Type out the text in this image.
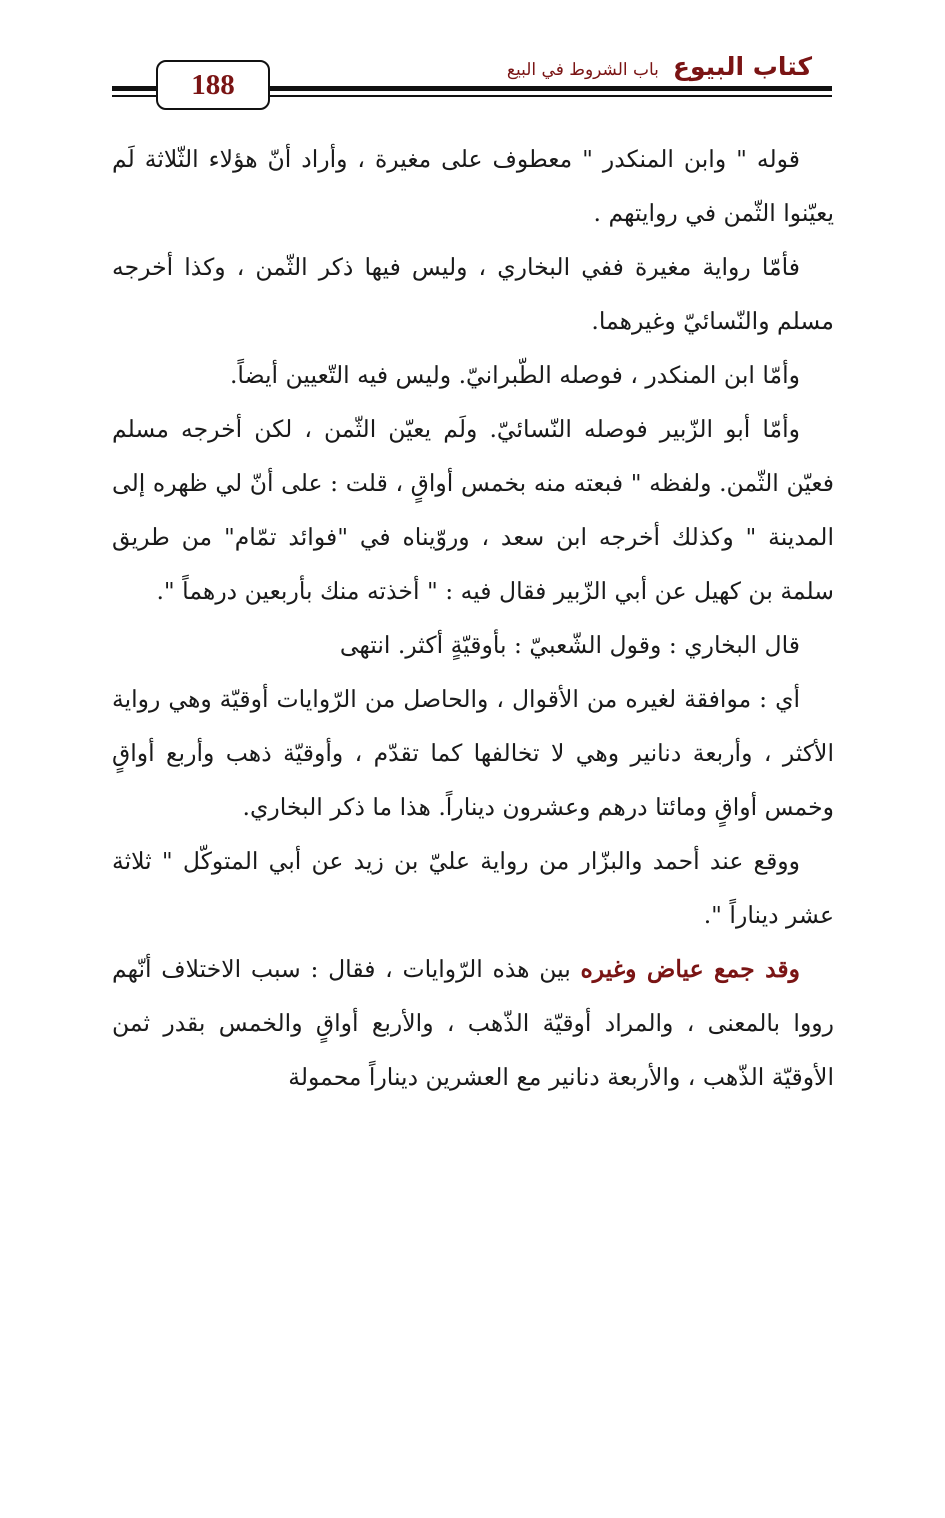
188
كتاب البيوع
باب الشروط في البيع

قوله " وابن المنكدر " معطوف على مغيرة ، وأراد أنّ هؤلاء الثّلاثة لَم يعيّنوا الثّمن في روايتهم .

فأمّا رواية مغيرة ففي البخاري ، وليس فيها ذكر الثّمن ، وكذا أخرجه مسلم والنّسائيّ وغيرهما.

وأمّا ابن المنكدر ، فوصله الطّبرانيّ. وليس فيه التّعيين أيضاً.

وأمّا أبو الزّبير فوصله النّسائيّ. ولَم يعيّن الثّمن ، لكن أخرجه مسلم فعيّن الثّمن. ولفظه " فبعته منه بخمس أواقٍ ، قلت : على أنّ لي ظهره إلى المدينة " وكذلك أخرجه ابن سعد ، وروّيناه في "فوائد تمّام" من طريق سلمة بن كهيل عن أبي الزّبير فقال فيه : " أخذته منك بأربعين درهماً ".

قال البخاري : وقول الشّعبيّ : بأوقيّةٍ أكثر. انتهى

أي : موافقة لغيره من الأقوال ، والحاصل من الرّوايات أوقيّة وهي رواية الأكثر ، وأربعة دنانير وهي لا تخالفها كما تقدّم ، وأوقيّة ذهب وأربع أواقٍ وخمس أواقٍ ومائتا درهم وعشرون ديناراً. هذا ما ذكر البخاري.

ووقع عند أحمد والبزّار من رواية عليّ بن زيد عن أبي المتوكّل " ثلاثة عشر ديناراً ".

وقد جمع عياض وغيره بين هذه الرّوايات ، فقال : سبب الاختلاف أنّهم رووا بالمعنى ، والمراد أوقيّة الذّهب ، والأربع أواقٍ والخمس بقدر ثمن الأوقيّة الذّهب ، والأربعة دنانير مع العشرين ديناراً محمولة
